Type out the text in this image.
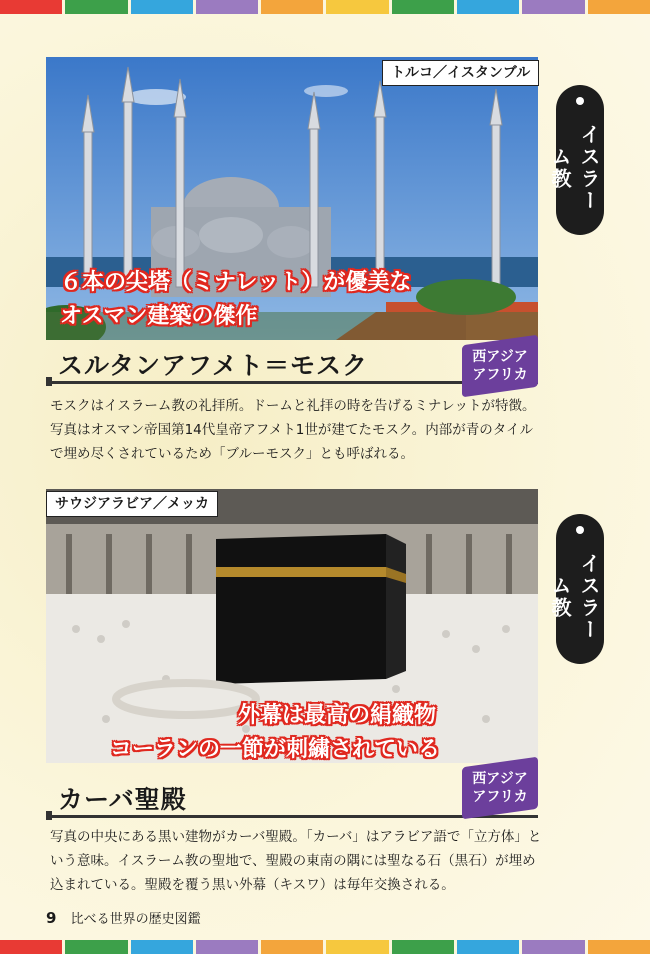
トルコ／イスタンブル
６本の尖塔（ミナレット）が優美な
オスマン建築の傑作
スルタンアフメト＝モスク	西アジア
アフリカ
モスクはイスラーム教の礼拝所。ドームと礼拝の時を告げるミナレットが特徴。写真はオスマン帝国第14代皇帝アフメト1世が建てたモスク。内部が青のタイルで埋め尽くされているため「ブルーモスク」とも呼ばれる。
イスラーム教
サウジアラビア／メッカ
外幕は最高の絹織物
コーランの一節が刺繍されている
カーバ聖殿
西アジア
アフリカ
写真の中央にある黒い建物がカーバ聖殿。「カーバ」はアラビア語で「立方体」という意味。イスラーム教の聖地で、聖殿の東南の隅には聖なる石（黒石）が埋め込まれている。聖殿を覆う黒い外幕（キスワ）は毎年交換される。
イスラーム教
9 比べる世界の歴史図鑑
